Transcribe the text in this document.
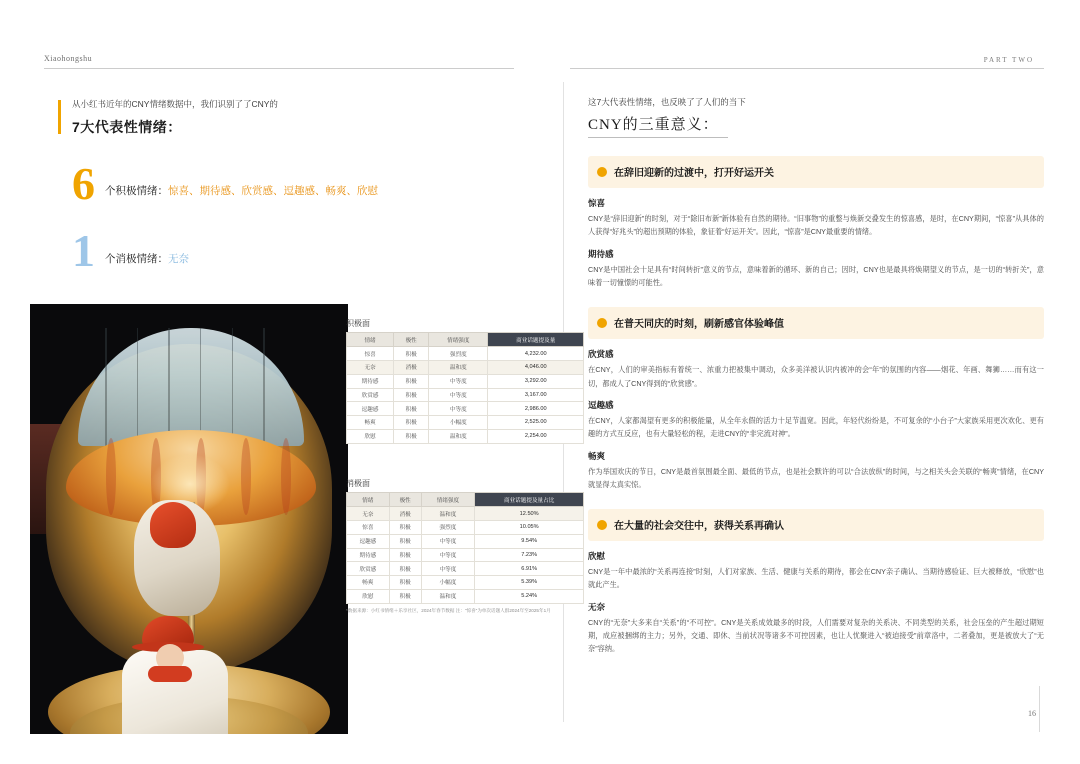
Xiaohongshu	PART TWO
从小红书近年的CNY情绪数据中，我们识别了了CNY的
7大代表性情绪：
6 个积极情绪：惊喜、期待感、欣赏感、逗趣感、畅爽、欣慰
1 个消极情绪：无奈
积极面
情绪	极性	情绪强度	商业话题提及量
惊喜	积极	强烈度	4,232.00
无奈	消极	温和度	4,046.00
期待感	积极	中等度	3,292.00
欣赏感	积极	中等度	3,167.00
逗趣感	积极	中等度	2,986.00
畅爽	积极	小幅度	2,525.00
欣慰	积极	温和度	2,254.00
消极面
情绪	极性	情绪强度	商业话题提及量占比
无奈	消极	温和度	12.50%
惊喜	积极	强烈度	10.05%
逗趣感	积极	中等度	9.54%
期待感	积极	中等度	7.23%
欣赏感	积极	中等度	6.91%
畅爽	积极	小幅度	5.39%
欣慰	积极	温和度	5.24%
*数据来源：小红书情绪＋乐享社区，2024年春节数据 注：“惊喜”为单次话题人群2024年至2025年1月
这7大代表性情绪，也反映了了人们的当下
CNY的三重意义：
在辞旧迎新的过渡中，打开好运开关
惊喜

CNY是“辞旧迎新”的时刻，对于“除旧布新”新体验有自然的期待。“旧事物”的重整与焕新交叠发生的惊喜感，是时，在CNY期间，“惊喜”从具体的人获得“好兆头”的超出预期的体验，象征着“好运开关”。因此，“惊喜”是CNY最重要的情绪。

期待感

CNY是中国社会十足具有“时间转折”意义的节点，意味着新的循环、新的自己；因时，CNY也是最具将焕期望义的节点，是一切的“转折关”，意味着一切憧憬的可能性。

在普天同庆的时刻，刷新感官体验峰值
欣赏感

在CNY，人们的审美指标有着统一、浓重力把被集中调动，众多美洋被认识内被冲的会“年”的氛围的内容——烟花、年画、舞狮……而有这一切，都成人了CNY得到的“欣赏感”。

逗趣感

在CNY，人家都渴望有更多的积极能量，从全年永假的活力十足节温宽。因此，年轻代纷纷是，不可复余的“小台子”大家族采用更次欢化、更有趣的方式互反应，也有大量轻松的程，走进CNY的“非完流对神”。

畅爽

作为举国欢庆的节日，CNY是最首氛围最全面、最低的节点，也是社会默许的可以“合法放纵”的时间，与之相关头会关联的“畅爽”情绪，在CNY就显得太真实惊。

在大量的社会交往中，获得关系再确认
欣慰

CNY是一年中最浓的“关系再连接”时刻，人们对家族、生活、健康与关系的期待，都会在CNY亲子确认、当期待感验证、巨大被释放，“欣慰”也就此产生。

无奈

CNY的“无奈”大多来自“关系”的“不可控”。CNY是关系成效最多的时段，人们需要对复杂的关系决、不同类型的关系，社会压垒的产生超过期短期，成应被捆绑的主力；另外，交通、即休、当前状况等诸多不可控因素，也让人忧聚进入“被迫接受”前章洛中，二者叠加，更是被放大了“无奈”容纳。

16
